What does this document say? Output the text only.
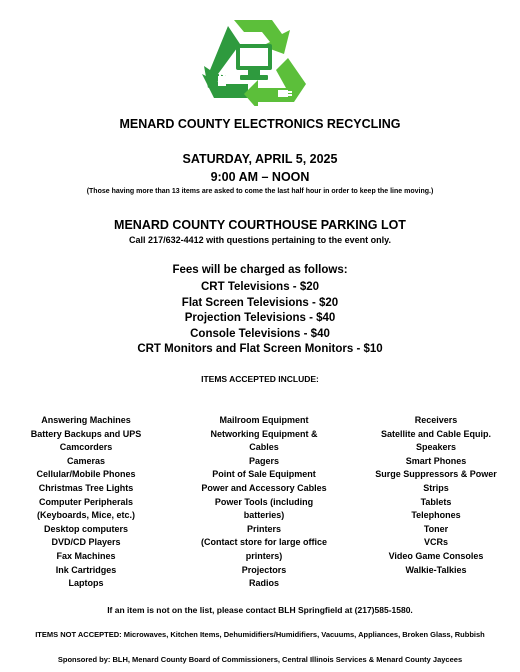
MENARD COUNTY ELECTRONICS RECYCLING
SATURDAY, APRIL 5, 2025
9:00 AM – NOON
(Those having more than 13 items are asked to come the last half hour in order to keep the line moving.)
MENARD COUNTY COURTHOUSE PARKING LOT
Call 217/632-4412 with questions pertaining to the event only.
Fees will be charged as follows:
CRT Televisions - $20
Flat Screen Televisions - $20
Projection Televisions - $40
Console Televisions - $40
CRT Monitors and Flat Screen Monitors - $10
ITEMS ACCEPTED INCLUDE:
Answering Machines
Battery Backups and UPS
Camcorders
Cameras
Cellular/Mobile Phones
Christmas Tree Lights
Computer Peripherals
(Keyboards, Mice, etc.)
Desktop computers
DVD/CD Players
Fax Machines
Ink Cartridges
Laptops
Mailroom Equipment
Networking Equipment &
Cables
Pagers
Point of Sale Equipment
Power and Accessory Cables
Power Tools (including
batteries)
Printers
(Contact store for large office
printers)
Projectors
Radios
Receivers
Satellite and Cable Equip.
Speakers
Smart Phones
Surge Suppressors & Power
Strips
Tablets
Telephones
Toner
VCRs
Video Game Consoles
Walkie-Talkies
If an item is not on the list, please contact BLH Springfield at (217)585-1580.
ITEMS NOT ACCEPTED: Microwaves, Kitchen Items, Dehumidifiers/Humidifiers, Vacuums, Appliances, Broken Glass, Rubbish
Sponsored by: BLH, Menard County Board of Commissioners, Central Illinois Services & Menard County Jaycees
